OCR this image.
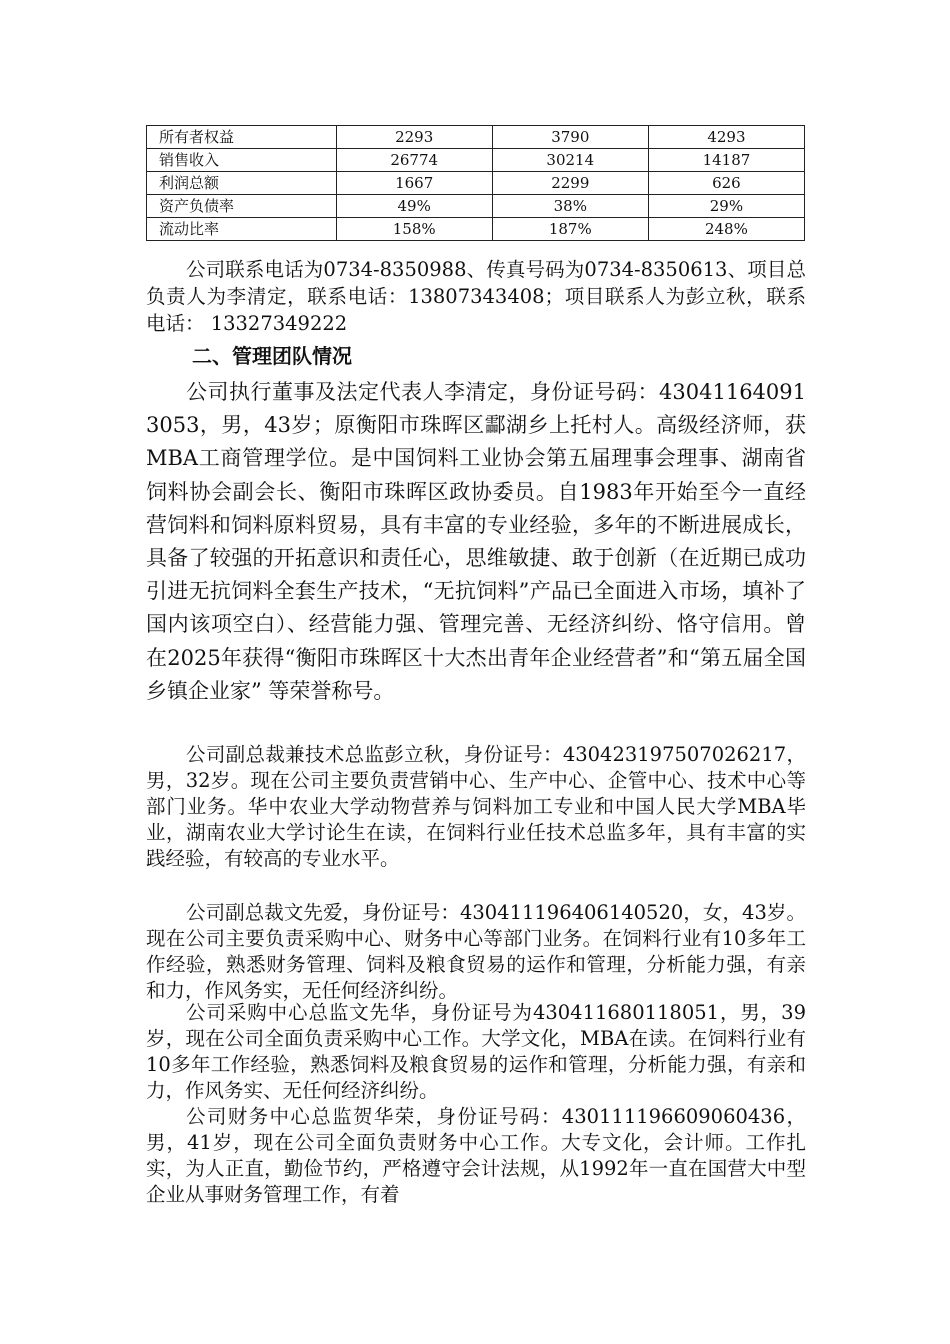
所有者权益	2293	3790	4293
销售收入	26774	30214	14187
利润总额	1667	2299	626
资产负债率	49%	38%	29%
流动比率	158%	187%	248%

公司联系电话为0734-8350988、传真号码为0734-8350613、项目总负责人为李清定，联系电话：13807343408；项目联系人为彭立秋，联系电话： 13327349222

二、管理团队情况

公司执行董事及法定代表人李清定，身份证号码：430411640913053，男，43岁；原衡阳市珠晖区酃湖乡上托村人。高级经济师，获MBA工商管理学位。是中国饲料工业协会第五届理事会理事、湖南省饲料协会副会长、衡阳市珠晖区政协委员。自1983年开始至今一直经营饲料和饲料原料贸易，具有丰富的专业经验，多年的不断进展成长，具备了较强的开拓意识和责任心，思维敏捷、敢于创新（在近期已成功引进无抗饲料全套生产技术，“无抗饲料”产品已全面进入市场，填补了国内该项空白）、经营能力强、管理完善、无经济纠纷、恪守信用。曾在2025年获得“衡阳市珠晖区十大杰出青年企业经营者”和“第五届全国乡镇企业家” 等荣誉称号。

公司副总裁兼技术总监彭立秋，身份证号：430423197507026217，男，32岁。现在公司主要负责营销中心、生产中心、企管中心、技术中心等部门业务。华中农业大学动物营养与饲料加工专业和中国人民大学MBA毕业，湖南农业大学讨论生在读，在饲料行业任技术总监多年，具有丰富的实践经验，有较高的专业水平。

公司副总裁文先爱，身份证号：430411196406140520，女，43岁。现在公司主要负责采购中心、财务中心等部门业务。在饲料行业有10多年工作经验，熟悉财务管理、饲料及粮食贸易的运作和管理，分析能力强，有亲和力，作风务实，无任何经济纠纷。

公司采购中心总监文先华，身份证号为430411680118051，男，39岁，现在公司全面负责采购中心工作。大学文化，MBA在读。在饲料行业有10多年工作经验，熟悉饲料及粮食贸易的运作和管理，分析能力强，有亲和力，作风务实、无任何经济纠纷。

公司财务中心总监贺华荣，身份证号码：430111196609060436，男，41岁，现在公司全面负责财务中心工作。大专文化，会计师。工作扎实，为人正直，勤俭节约，严格遵守会计法规，从1992年一直在国营大中型企业从事财务管理工作，有着
